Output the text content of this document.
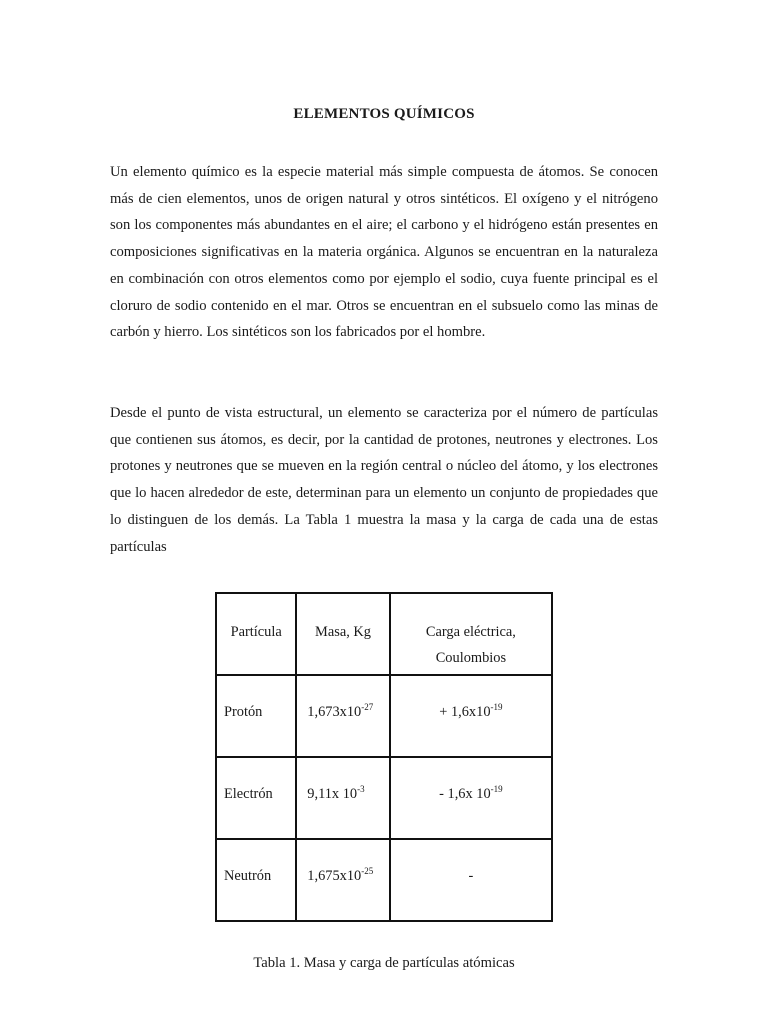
ELEMENTOS QUÍMICOS

Un elemento químico es la especie material más simple compuesta de átomos. Se conocen más de cien elementos, unos de origen natural y otros sintéticos. El oxígeno y el nitrógeno son los componentes más abundantes en el aire; el carbono y el hidrógeno están presentes en composiciones significativas en la materia orgánica. Algunos se encuentran en la naturaleza en combinación con otros elementos como por ejemplo el sodio, cuya fuente principal es el cloruro de sodio contenido en el mar. Otros se encuentran en el subsuelo como las minas de carbón y hierro. Los sintéticos son los fabricados por el hombre.

Desde el punto de vista estructural, un elemento se caracteriza por el número de partículas que contienen sus átomos, es decir, por la cantidad de protones, neutrones y electrones. Los protones y neutrones que se mueven en la región central o núcleo del átomo, y los electrones que lo hacen alrededor de este, determinan para un elemento un conjunto de propiedades que lo distinguen de los demás. La Tabla 1 muestra la masa y la carga de cada una de estas partículas

Partícula	Masa, Kg	Carga eléctrica,
Coulombios

Protón	$1,673x10^{-27}$	+ $1,6x10^{-19}$

Electrón	9,11x $10^{-3}$	- 1,6x $10^{-19}$

Neutrón	$1,675x10^{-25}$	-

Tabla 1. Masa y carga de partículas atómicas
